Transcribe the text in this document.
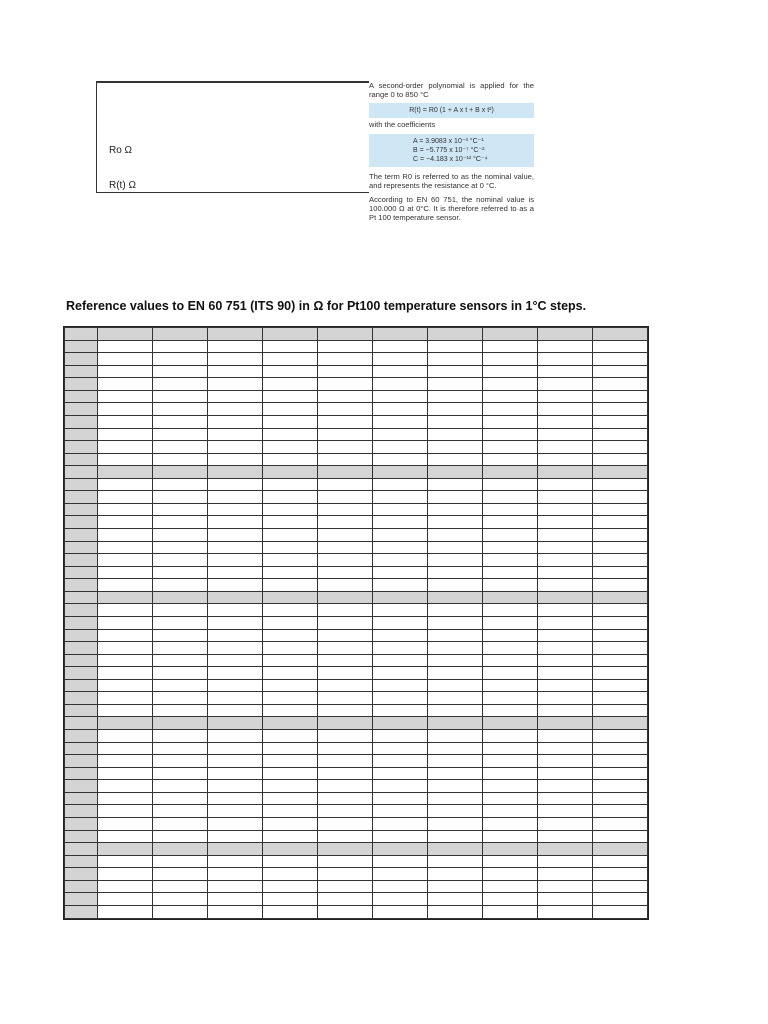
Ro Ω
R(t) Ω

A second-order polynomial is applied for the range 0 to 850 °C

R(t) = R0 (1 + A x t + B x t²)

with the coefficients

A = 3.9083 x 10⁻³ °C⁻¹
B = −5.775 x 10⁻⁷ °C⁻²
C = −4.183 x 10⁻¹² °C⁻⁴

The term R0 is referred to as the nominal value, and represents the resistance at 0 °C.

According to EN 60 751, the nominal value is 100.000 Ω at 0°C. It is therefore referred to as a Pt 100 temperature sensor.

Reference values to EN 60 751 (ITS 90) in Ω for Pt100 temperature sensors in 1°C steps.
